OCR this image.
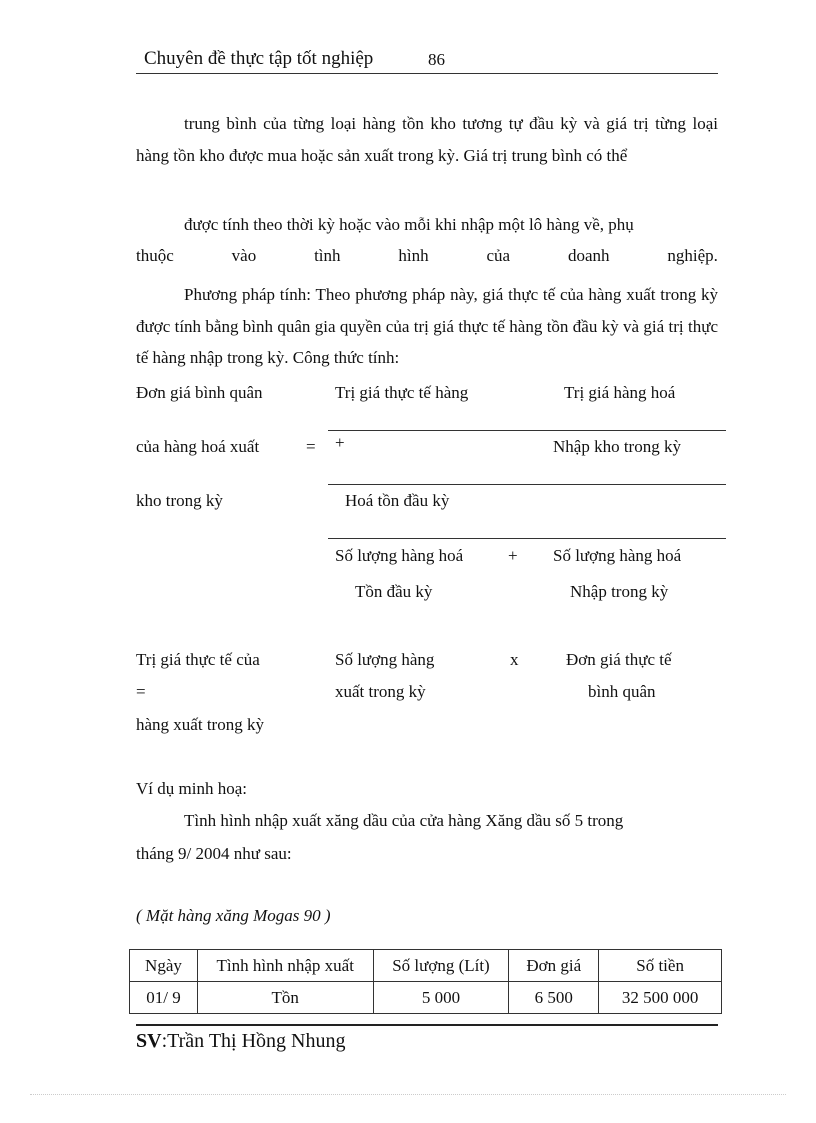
Chuyên đề thực tập tốt nghiệp	86
trung bình của từng loại hàng tồn kho tương tự đầu kỳ và giá trị từng loại hàng tồn kho được mua hoặc sản xuất trong kỳ. Giá trị trung bình có thể
được tính theo thời kỳ hoặc vào mỗi khi nhập một lô hàng về, phụ
thuộc	vào	tình	hình	của	doanh	nghiệp.
Phương pháp tính: Theo phương pháp này, giá thực tế của hàng xuất trong kỳ được tính bằng bình quân gia quyền của trị giá thực tế hàng tồn đầu kỳ và giá trị thực tế hàng nhập trong kỳ. Công thức tính:
Đơn giá bình quân	Trị giá thực tế hàng	Trị giá hàng hoá
của hàng hoá xuất	= +	Nhập kho trong kỳ
kho trong kỳ	Hoá tồn đầu kỳ
Số lượng hàng hoá	+ Số lượng hàng hoá
Tồn đầu kỳ	Nhập trong kỳ
Trị giá thực tế của	Số lượng hàng	x	Đơn giá thực tế
=	xuất trong kỳ	bình quân
hàng xuất trong kỳ
Ví dụ minh hoạ:
Tình hình nhập xuất xăng dầu của cửa hàng Xăng dầu số 5 trong
tháng 9/ 2004 như sau:
( Mặt hàng xăng Mogas 90 )
Ngày	Tình hình nhập xuất	Số lượng (Lít)	Đơn giá	Số tiền
01/ 9	Tồn	5 000	6 500	32 500 000
SV:Trần Thị Hồng Nhung
